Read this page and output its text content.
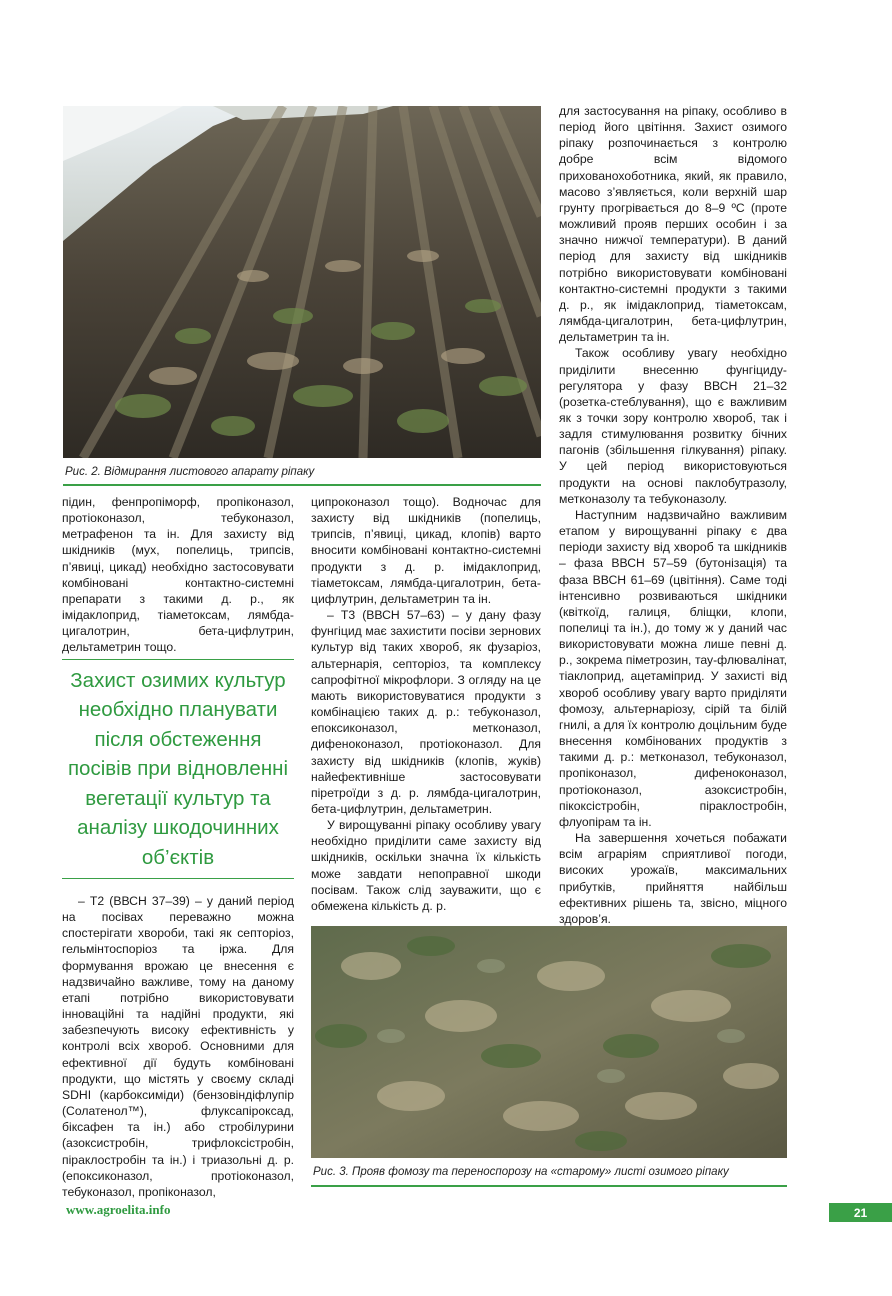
Рис. 2. Відмирання листового апарату ріпаку

для застосування на ріпаку, особливо в період його цвітіння. Захист озимого ріпаку розпочинається з контролю добре всім відомого прихованохоботника, який, як правило, масово з’являється, коли верхній шар грунту прогрівається до 8–9 ºС (проте можливий прояв перших особин і за значно нижчої температури). В даний період для захисту від шкідників потрібно використовувати комбіновані контактно-системні продукти з такими д. р., як імідаклоприд, тіаметоксам, лямбда-цигалотрин, бета-цифлутрин, дельтаметрин та ін.

Також особливу увагу необхідно приділити внесенню фунгіциду-регулятора у фазу ВВСН 21–32 (розетка-стеблування), що є важливим як з точки зору контролю хвороб, так і задля стимулювання розвитку бічних пагонів (збільшення гілкування) ріпаку. У цей період використовуються продукти на основі паклобутразолу, метконазолу та тебуконазолу.

Наступним надзвичайно важливим етапом у вирощуванні ріпаку є два періоди захисту від хвороб та шкідників – фаза ВВСН 57–59 (бутонізація) та фаза ВВСН 61–69 (цвітіння). Саме тоді інтенсивно розвиваються шкідники (квіткоїд, галиця, бліщки, клопи, попелиці та ін.), до тому ж у даний час використовувати можна лише певні д. р., зокрема піметрозин, тау-флювалінат, тіаклоприд, ацетаміприд. У захисті від хвороб особливу увагу варто приділяти фомозу, альтернаріозу, сірій та білій гнилі, а для їх контролю доцільним буде внесення комбінованих продуктів з такими д. р.: метконазол, тебуконазол, пропіконазол, дифеноконазол, протіоконазол, азоксистробін, пікоксістробін, піраклостробін, флуопірам та ін.

На завершення хочеться побажати всім аграріям сприятливої погоди, високих урожаїв, максимальних прибутків, прийняття найбільш ефективних рішень та, звісно, міцного здоров’я.

підин, фенпропіморф, пропіконазол, протіоконазол, тебуконазол, метрафенон та ін. Для захисту від шкідників (мух, попелиць, трипсів, п’явиці, цикад) необхідно застосовувати комбіновані контактно-системні препарати з такими д. р., як імідаклоприд, тіаметоксам, лямбда-цигалотрин, бета-цифлутрин, дельтаметрин тощо.

Захист озимих культур необхідно планувати після обстеження посівів при відновленні вегетації культур та аналізу шкодочинних об’єктів

– Т2 (ВВСН 37–39) – у даний період на посівах переважно можна спостерігати хвороби, такі як септоріоз, гельмінтоспоріоз та іржа. Для формування врожаю це внесення є надзвичайно важливе, тому на даному етапі потрібно використовувати інноваційні та надійні продукти, які забезпечують високу ефективність у контролі всіх хвороб. Основними для ефективної дії будуть комбіновані продукти, що містять у своєму складі SDHI (карбоксиміди) (бензовіндіфлупір (Солатенол™), флуксапіроксад, біксафен та ін.) або стробілурини (азоксистробін, трифлоксістробін, піраклостробін та ін.) і триазольні д. р. (епоксиконазол, протіоконазол, тебуконазол, пропіконазол,

ципроконазол тощо). Водночас для захисту від шкідників (попелиць, трипсів, п’явиці, цикад, клопів) варто вносити комбіновані контактно-системні продукти з д. р. імідаклоприд, тіаметоксам, лямбда-цигалотрин, бета-цифлутрин, дельтаметрин та ін.

– Т3 (ВВСН 57–63) – у дану фазу фунгіцид має захистити посіви зернових культур від таких хвороб, як фузаріоз, альтернарія, септоріоз, та комплексу сапрофітної мікрофлори. З огляду на це мають використовуватися продукти з комбінацією таких д. р.: тебуконазол, епоксиконазол, метконазол, дифеноконазол, протіоконазол. Для захисту від шкідників (клопів, жуків) найефективніше застосовувати піретроїди з д. р. лямбда-цигалотрин, бета-цифлутрин, дельтаметрин.

У вирощуванні ріпаку особливу увагу необхідно приділити саме захисту від шкідників, оскільки значна їх кількість може завдати непоправної шкоди посівам. Також слід зауважити, що є обмежена кількість д. р.

Рис. 3. Прояв фомозу та переноспорозу на «старому» листі озимого ріпаку
www.agroelita.info	21
